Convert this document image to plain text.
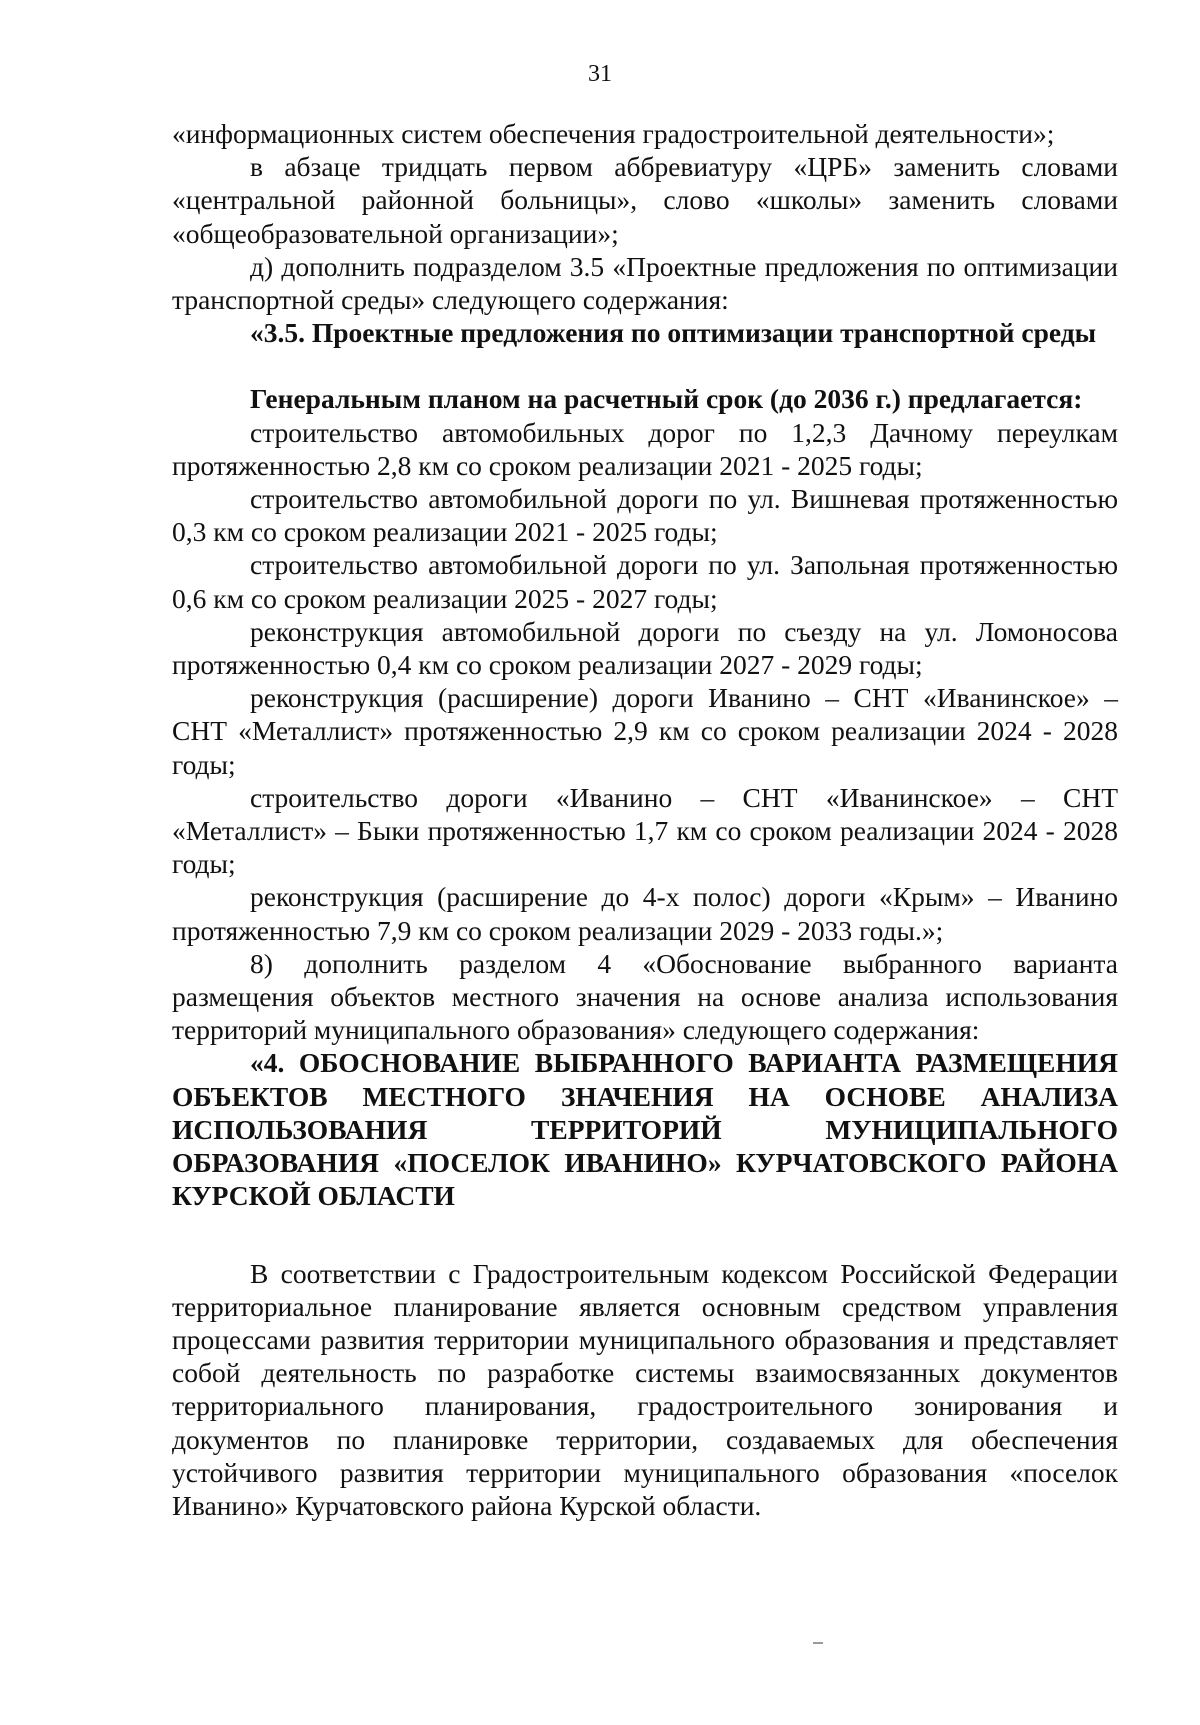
31

«информационных систем обеспечения градостроительной деятельности»;

в абзаце тридцать первом аббревиатуру «ЦРБ» заменить словами «центральной районной больницы», слово «школы» заменить словами «общеобразовательной организации»;

д) дополнить подразделом 3.5 «Проектные предложения по оптимизации транспортной среды» следующего содержания:

«3.5. Проектные предложения по оптимизации транспортной среды

Генеральным планом на расчетный срок (до 2036 г.) предлагается:

строительство автомобильных дорог по 1,2,3 Дачному переулкам протяженностью 2,8 км со сроком реализации 2021 - 2025 годы;

строительство автомобильной дороги по ул. Вишневая протяженностью 0,3 км со сроком реализации 2021 - 2025 годы;

строительство автомобильной дороги по ул. Запольная протяженностью 0,6 км со сроком реализации 2025 - 2027 годы;

реконструкция автомобильной дороги по съезду на ул. Ломоносова протяженностью 0,4 км со сроком реализации 2027 - 2029 годы;

реконструкция (расширение) дороги Иванино – СНТ «Иванинское» – СНТ «Металлист» протяженностью 2,9 км со сроком реализации 2024 - 2028 годы;

строительство дороги «Иванино – СНТ «Иванинское» – СНТ «Металлист» – Быки протяженностью 1,7 км со сроком реализации 2024 - 2028 годы;

реконструкция (расширение до 4-х полос) дороги «Крым» – Иванино протяженностью 7,9 км со сроком реализации 2029 - 2033 годы.»;

8) дополнить разделом 4 «Обоснование выбранного варианта размещения объектов местного значения на основе анализа использования территорий муниципального образования» следующего содержания:

«4. ОБОСНОВАНИЕ ВЫБРАННОГО ВАРИАНТА РАЗМЕЩЕНИЯ ОБЪЕКТОВ МЕСТНОГО ЗНАЧЕНИЯ НА ОСНОВЕ АНАЛИЗА ИСПОЛЬЗОВАНИЯ ТЕРРИТОРИЙ МУНИЦИПАЛЬНОГО ОБРАЗОВАНИЯ «ПОСЕЛОК ИВАНИНО» КУРЧАТОВСКОГО РАЙОНА КУРСКОЙ ОБЛАСТИ

В соответствии с Градостроительным кодексом Российской Федерации территориальное планирование является основным средством управления процессами развития территории муниципального образования и представляет собой деятельность по разработке системы взаимосвязанных документов территориального планирования, градостроительного зонирования и документов по планировке территории, создаваемых для обеспечения устойчивого развития территории муниципального образования «поселок Иванино» Курчатовского района Курской области.
